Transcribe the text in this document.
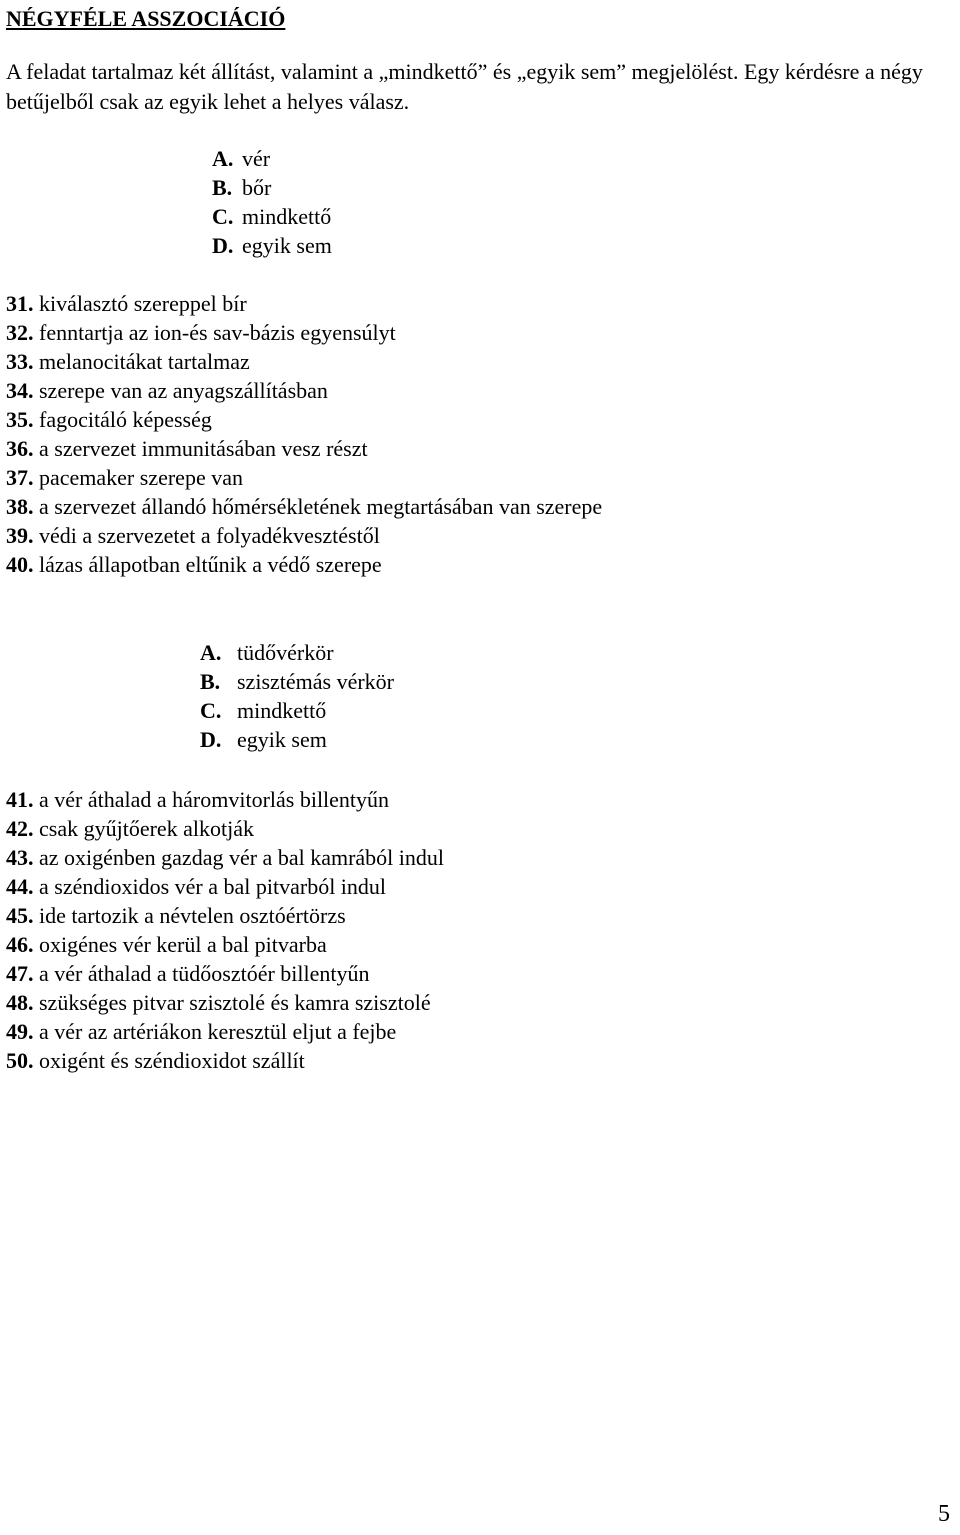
NÉGYFÉLE ASSZOCIÁCIÓ
A feladat tartalmaz két állítást, valamint a „mindkettő” és „egyik sem” megjelölést. Egy kérdésre a négy betűjelből csak az egyik lehet a helyes válasz.
A. vér
B. bőr
C. mindkettő
D. egyik sem
31. kiválasztó szereppel bír
32. fenntartja az ion-és sav-bázis egyensúlyt
33. melanocitákat tartalmaz
34. szerepe van az anyagszállításban
35. fagocitáló képesség
36. a szervezet immunitásában vesz részt
37. pacemaker szerepe van
38. a szervezet állandó hőmérsékletének megtartásában van szerepe
39. védi a szervezetet a folyadékvesztéstől
40. lázas állapotban eltűnik a védő szerepe
A. tüdővérkör
B. szisztémás vérkör
C. mindkettő
D. egyik sem
41. a vér áthalad a háromvitorlás billentyűn
42. csak gyűjtőerek alkotják
43. az oxigénben gazdag vér a bal kamrából indul
44. a széndioxidos vér a bal pitvarból indul
45. ide tartozik a névtelen osztóértörzs
46. oxigénes vér kerül a bal pitvarba
47. a vér áthalad a tüdőosztóér billentyűn
48. szükséges pitvar szisztolé és kamra szisztolé
49. a vér az artériákon keresztül eljut a fejbe
50. oxigént és széndioxidot szállít
5
